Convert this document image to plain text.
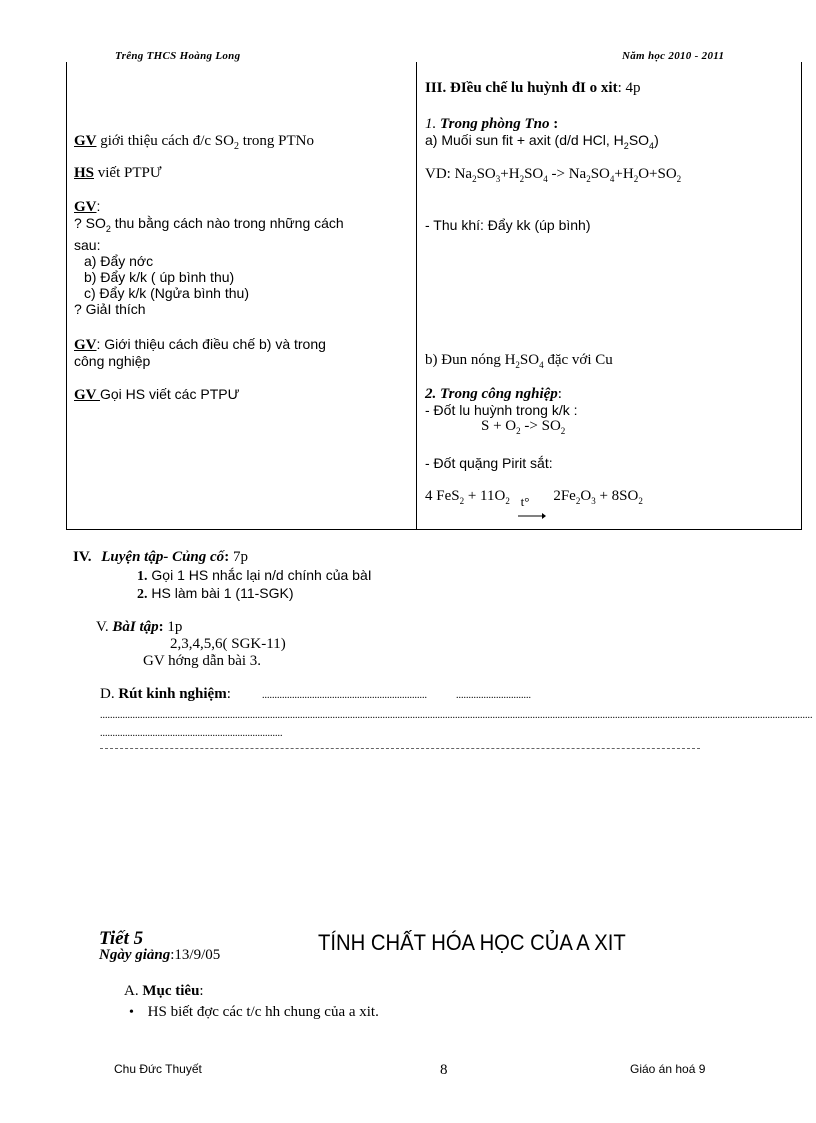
Trêng THCS Hoàng Long	Năm học 2010 - 2011
GV giới thiệu cách đ/c $SO_2$ trong PTNo
HS viết PTPƯ
GV:
? $SO_2$ thu bằng cách nào trong những cách
sau:
a) Đẩy nớc
b) Đẩy k/k ( úp bình thu)
c) Đẩy k/k (Ngửa bình thu)
? GiảI thích
GV: Giới thiệu cách điều chế b) và trong
công nghiệp
GV Gọi HS viết các PTPƯ
III. ĐIều chế lu huỳnh đI o xit: 4p
1. Trong phòng Tno :
a) Muối sun fit + axit (d/d HCl, $H_2SO_4$)
VD: $Na_2SO_3+H_2SO_4 -> Na_2SO_4+H_2O+SO_2$
- Thu khí: Đẩy kk (úp bình)
b) Đun nóng $H_2SO_4$ đặc với Cu
2. Trong công nghiệp:
- Đốt lu huỳnh trong k/k :
$S + O_2 -> SO_2$
- Đốt quặng Pirit sắt:
4 $FeS_2 + 11O_2$ t° $2Fe_2O_3 + 8SO_2$
IV. Luyện tập- Củng cố: 7p
1. Gọi 1 HS nhắc lại n/d chính của bàI
2. HS làm bài 1 (11-SGK)
V. BàI tập: 1p
2,3,4,5,6( SGK-11)
GV hớng dẫn bài 3.
D. Rút kinh nghiệm:	..................................................................	..............................
.............................................................................................................................................................................................................................................................................................
.........................................................................
Tiết 5
Ngày giảng:13/9/05	TÍNH CHẤT HÓA HỌC CỦA A XIT
A. Mục tiêu:
• HS biết đợc các t/c hh chung của a xit.
Chu Đức Thuyết	8	Giáo án hoá 9
